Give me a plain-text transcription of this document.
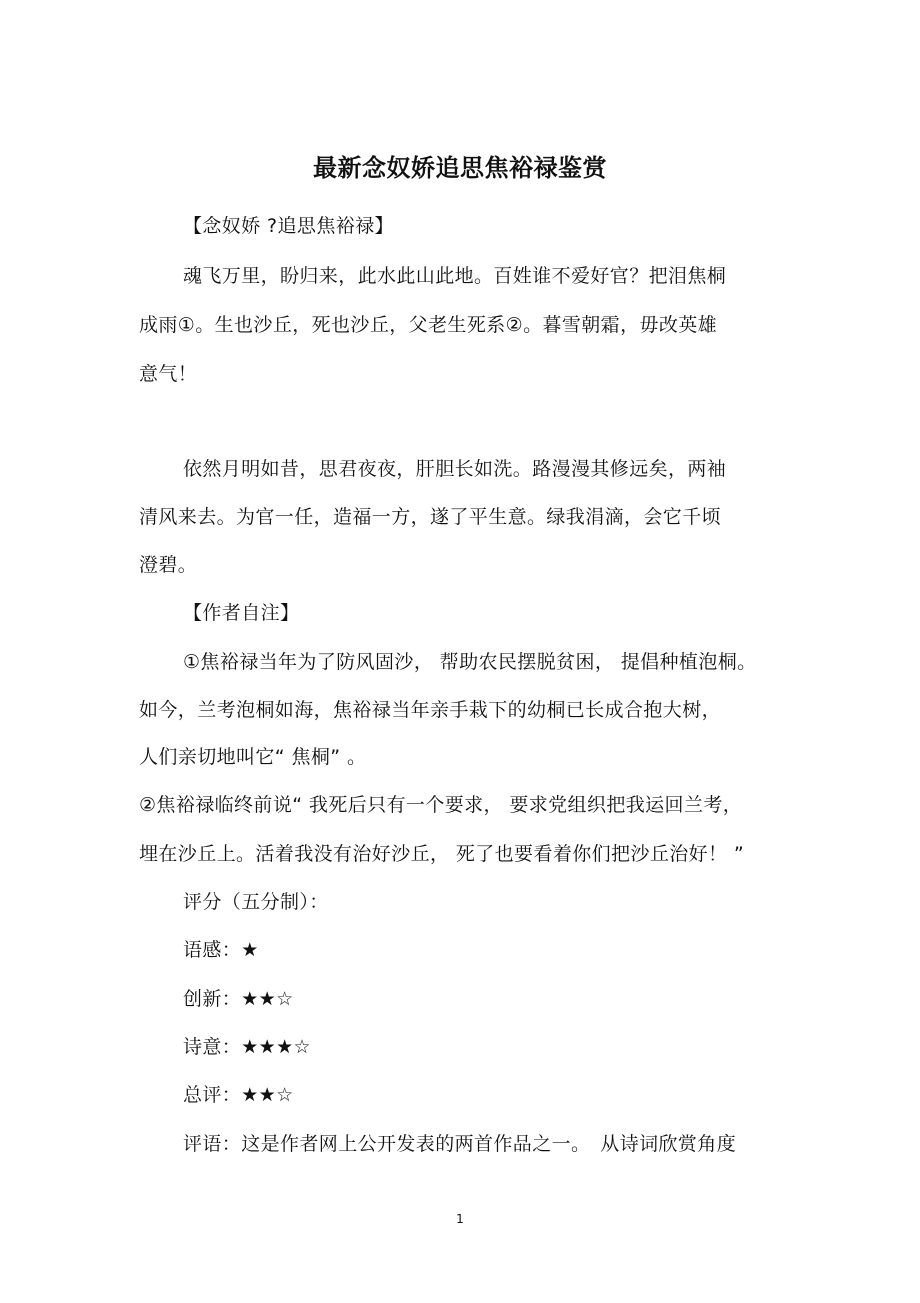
最新念奴娇追思焦裕禄鉴赏
【念奴娇 ?追思焦裕禄】
魂飞万里，盼归来，此水此山此地。百姓谁不爱好官？把泪焦桐
成雨①。生也沙丘，死也沙丘，父老生死系②。暮雪朝霜，毋改英雄
意气！
依然月明如昔，思君夜夜，肝胆长如洗。路漫漫其修远矣，两袖
清风来去。为官一任，造福一方，遂了平生意。绿我涓滴，会它千顷
澄碧。
【作者自注】
①焦裕禄当年为了防风固沙， 帮助农民摆脱贫困， 提倡种植泡桐。
如今，兰考泡桐如海，焦裕禄当年亲手栽下的幼桐已长成合抱大树，
人们亲切地叫它“ 焦桐” 。
②焦裕禄临终前说“ 我死后只有一个要求， 要求党组织把我运回兰考，
埋在沙丘上。活着我没有治好沙丘， 死了也要看着你们把沙丘治好！ ”
评分（五分制）：
语感：★
创新：★★☆
诗意：★★★☆
总评：★★☆
评语：这是作者网上公开发表的两首作品之一。　从诗词欣赏角度
1
